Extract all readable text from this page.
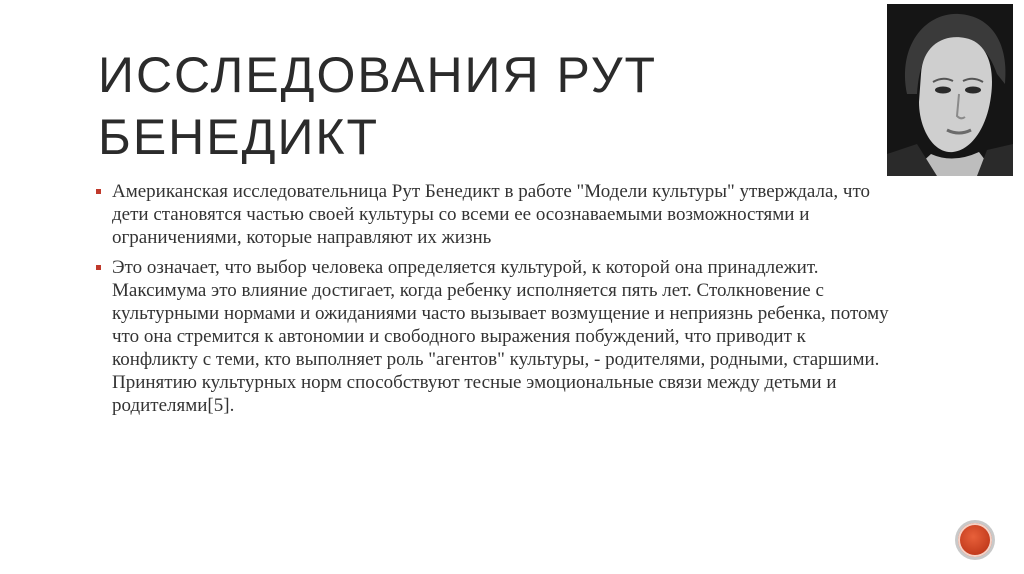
ИССЛЕДОВАНИЯ РУТ БЕНЕДИКТ

Американская исследовательница Рут Бенедикт в работе "Модели культуры" утверждала, что дети становятся частью своей культуры со всеми ее осознаваемыми возможностями и ограничениями, которые направляют их жизнь

Это означает, что выбор человека определяется культурой, к которой она принадлежит. Максимума это влияние достигает, когда ребенку исполняется пять лет. Столкновение с культурными нормами и ожиданиями часто вызывает возмущение и неприязнь ребенка, потому что она стремится к автономии и свободного выражения побуждений, что приводит к конфликту с теми, кто выполняет роль "агентов" культуры, - родителями, родными, старшими. Принятию культурных норм способствуют тесные эмоциональные связи между детьми и родителями[5].
